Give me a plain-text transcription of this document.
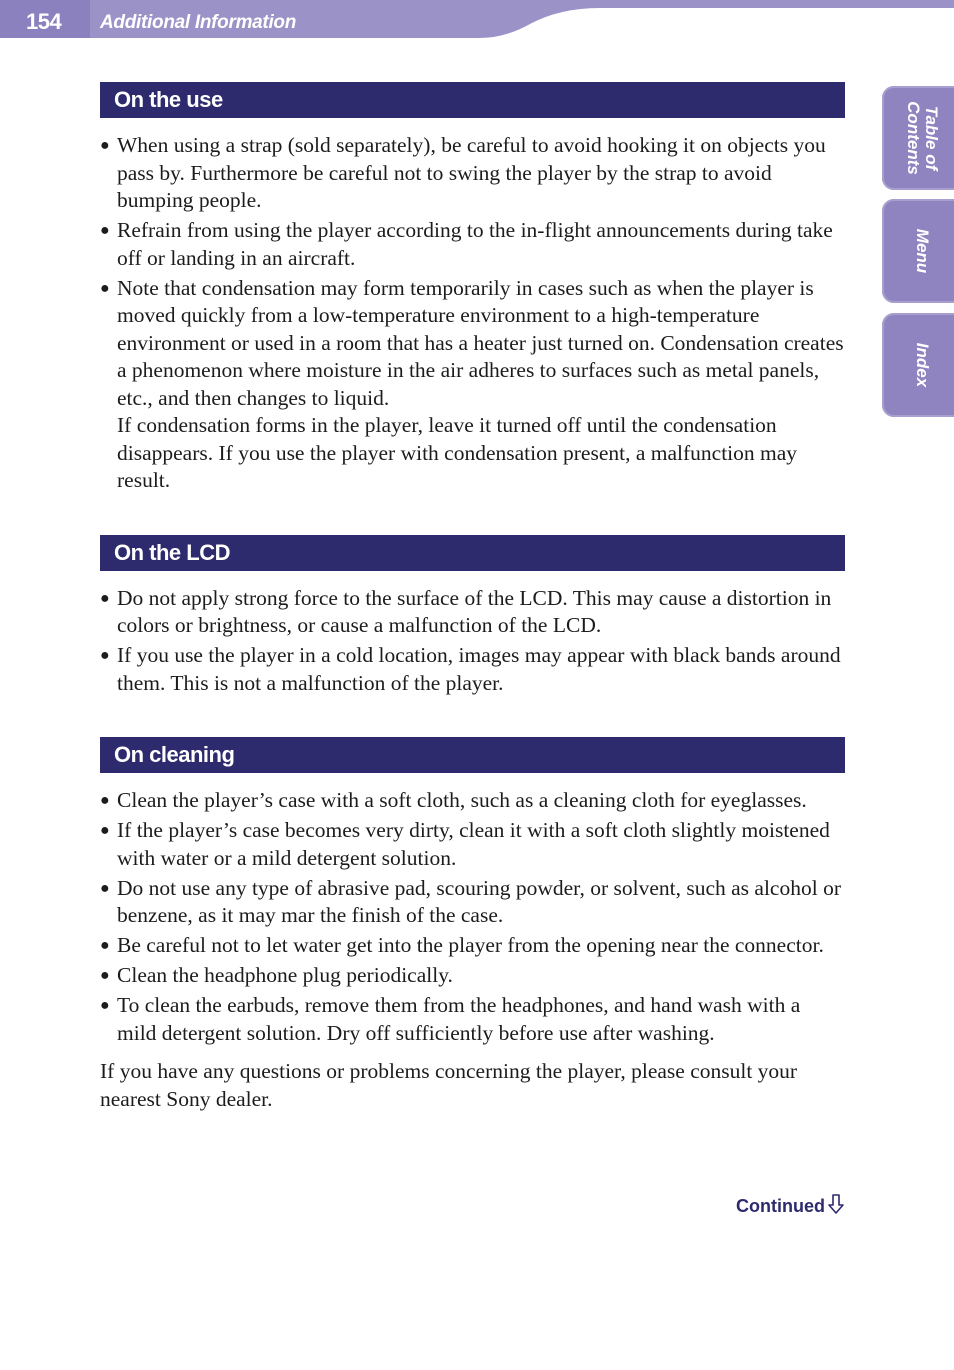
154 Additional Information
Table of
Contents
Menu
Index
On the use
● When using a strap (sold separately), be careful to avoid hooking it on objects you pass by. Furthermore be careful not to swing the player by the strap to avoid bumping people.
● Refrain from using the player according to the in-flight announcements during take off or landing in an aircraft.
● Note that condensation may form temporarily in cases such as when the player is moved quickly from a low-temperature environment to a high-temperature environment or used in a room that has a heater just turned on. Condensation creates a phenomenon where moisture in the air adheres to surfaces such as metal panels, etc., and then changes to liquid.
If condensation forms in the player, leave it turned off until the condensation disappears. If you use the player with condensation present, a malfunction may result.
On the LCD
● Do not apply strong force to the surface of the LCD. This may cause a distortion in colors or brightness, or cause a malfunction of the LCD.
● If you use the player in a cold location, images may appear with black bands around them. This is not a malfunction of the player.
On cleaning
● Clean the player’s case with a soft cloth, such as a cleaning cloth for eyeglasses.
● If the player’s case becomes very dirty, clean it with a soft cloth slightly moistened with water or a mild detergent solution.
● Do not use any type of abrasive pad, scouring powder, or solvent, such as alcohol or benzene, as it may mar the finish of the case.
● Be careful not to let water get into the player from the opening near the connector.
● Clean the headphone plug periodically.
● To clean the earbuds, remove them from the headphones, and hand wash with a mild detergent solution. Dry off sufficiently before use after washing.

If you have any questions or problems concerning the player, please consult your nearest Sony dealer.

Continued
